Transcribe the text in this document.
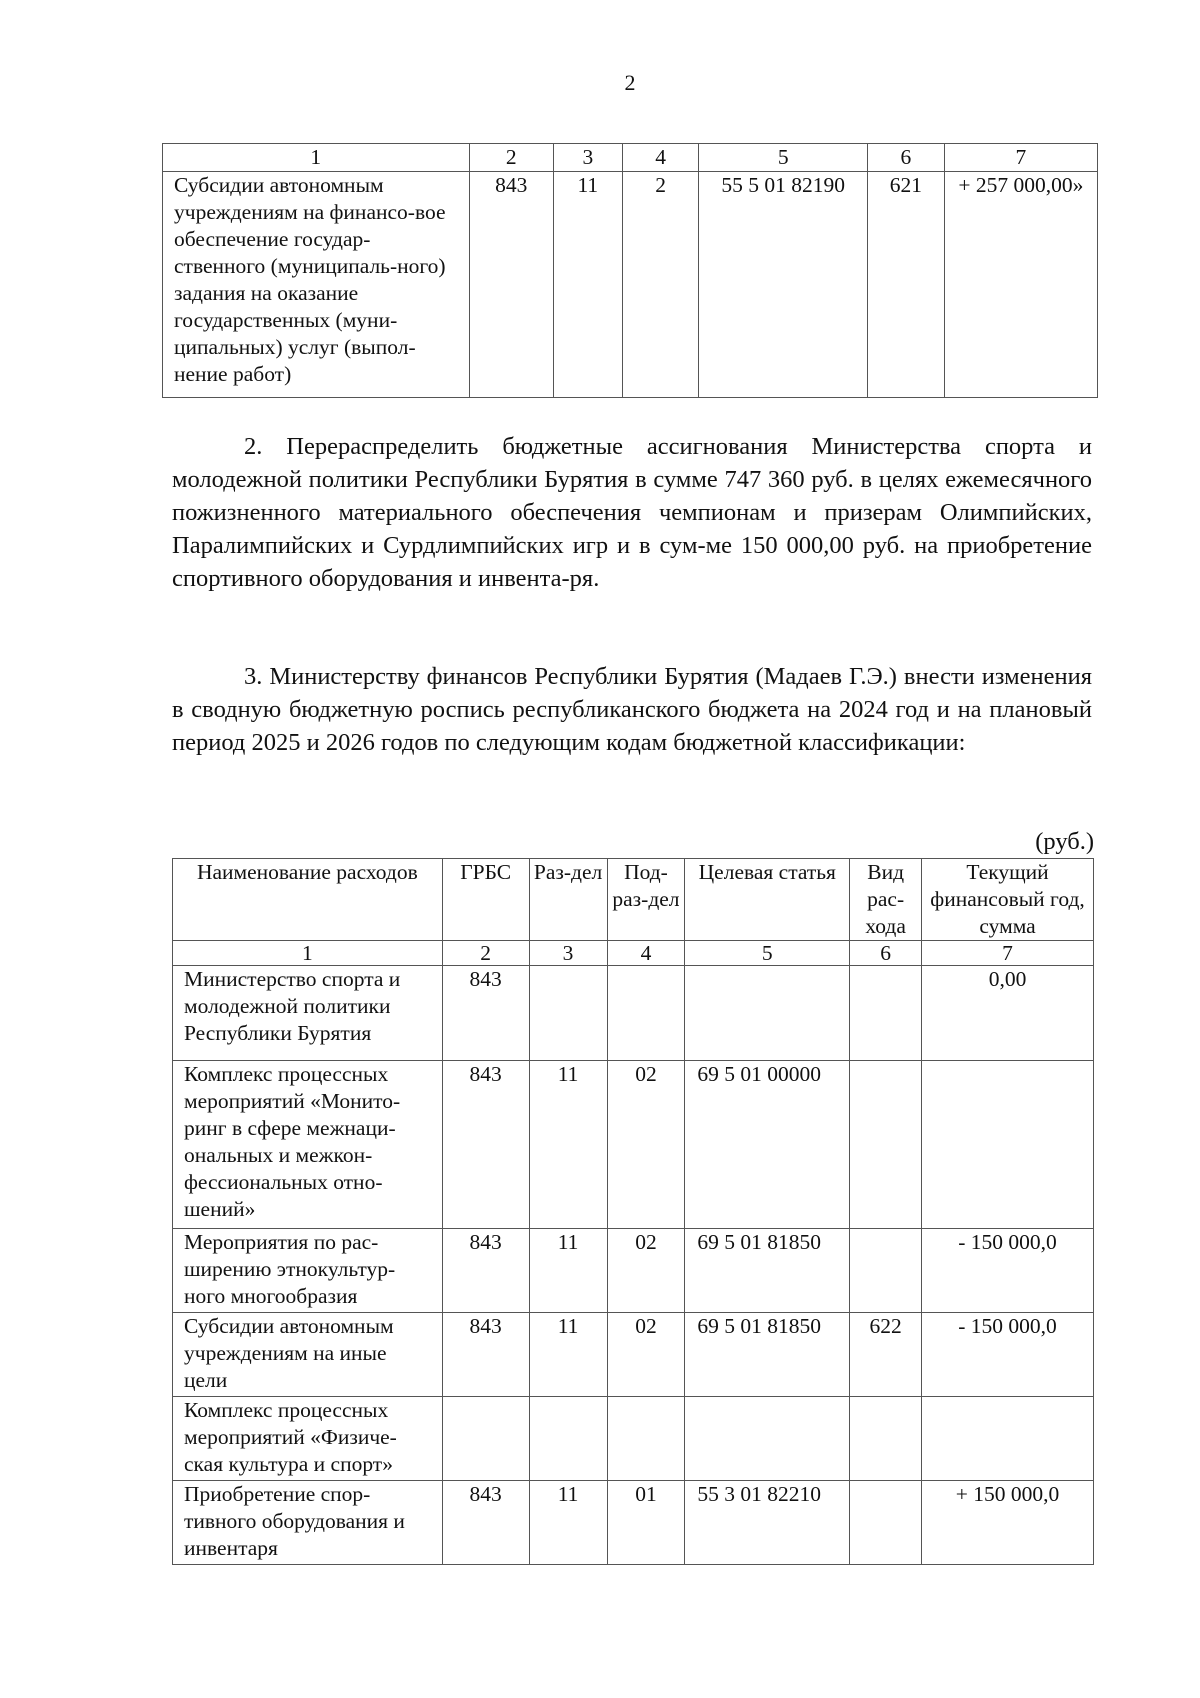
2
1	2	3	4	5	6	7
Субсидии автономным учреждениям на финансо-вое обеспечение государ-ственного (муниципаль-ного) задания на оказание государственных (муни-ципальных) услуг (выпол-нение работ)	843	11	2	55 5 01 82190	621	+ 257 000,00»

2. Перераспределить бюджетные ассигнования Министерства спорта и молодежной политики Республики Бурятия в сумме 747 360 руб. в целях ежемесячного пожизненного материального обеспечения чемпионам и призерам Олимпийских, Паралимпийских и Сурдлимпийских игр и в сум-ме 150 000,00 руб. на приобретение спортивного оборудования и инвента-ря.

3. Министерству финансов Республики Бурятия (Мадаев Г.Э.) внести изменения в сводную бюджетную роспись республиканского бюджета на 2024 год и на плановый период 2025 и 2026 годов по следующим кодам бюджетной классификации:

(руб.)
Наименование расходов	ГРБС	Раз-дел	Под-раз-дел	Целевая статья	Вид рас-хода	Текущий финансовый год, сумма
1	2	3	4	5	6	7
Министерство спорта и молодежной политики Республики Бурятия	843					0,00
Комплекс процессных мероприятий «Монито-ринг в сфере межнаци-ональных и межкон-фессиональных отно-шений»	843	11	02	69 5 01 00000		
Мероприятия по рас-ширению этнокультур-ного многообразия	843	11	02	69 5 01 81850		- 150 000,0
Субсидии автономным учреждениям на иные цели	843	11	02	69 5 01 81850	622	- 150 000,0
Комплекс процессных мероприятий «Физиче-ская культура и спорт»						
Приобретение спор-тивного оборудования и инвентаря	843	11	01	55 3 01 82210		+ 150 000,0
